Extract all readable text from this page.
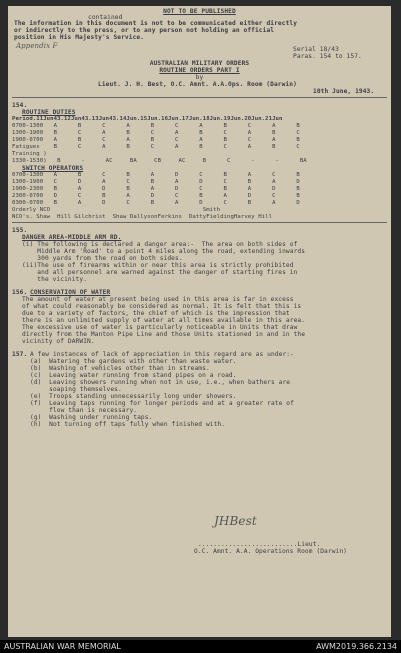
NOT TO BE PUBLISHED
contained
The information in this document is not to be communicated either directly
or indirectly to the press, or to any person not holding an official
position in His Majesty's Service.
Appendix F	Serial 18/43
Paras. 154 to 157.
AUSTRALIAN MILITARY ORDERS
ROUTINE ORDERS PART I
by
Lieut. J. H. Best, O.C. Amnt. A.A.Ops. Room (Darwin)
10th June, 1943.
154.
ROUTINE DUTIES
Period.11Jun43.12Jun43.13Jun43.14Jun.15Jun.16Jun.17Jun.18Jun.19Jun.20Jun.21Jun
0700-1300   A      B      C      A      B      C      A      B      C      A      B
1300-1900   B      C      A      B      C      A      B      C      A      B      C
1900-0700   A      B      C      A      B      C      A      B      C      A      B
Fatigues    B      C      A      B      C      A      B      C      A      B      C
Training )
1330-1530)   B      -      AC     BA     CB     AC     B      C      -      -      BA
SWITCH OPERATORS
0700-1300   A      B      C      B      A      D      C      B      A      C      B
1300-1900   C      D      A      C      B      A      D      C      B      A      D
1900-2300   B      A      D      B      A      D      C      B      A      D      B
2300-0700   D      C      B      A      D      C      B      A      D      C      B
0300-0700   B      A      D      C      B      A      D      C      B      A      D
Orderly NCO                                            Smith
NCO's. Shaw  Hill Gilchrist  Shaw DallysonFerkins  DattyFieldingHarvey Hill
155.
DANGER AREA-MIDDLE ARM RD.
(i) The following is declared a danger area:-  The area on both sides of
Middle Arm 'Road' to a point 4 miles along the road, extending inwards
300 yards from the road on both sides.
(ii)The use of firearms within or near this area is strictly prohibited
and all personnel are warned against the danger of starting fires in
the vicinity.
156. CONSERVATION OF WATER
The amount of water at present being used in this area is far in excess
of what could reasonably be considered as normal. It is felt that this is
due to a variety of factors, the chief of which is the impression that
there is an unlimited supply of water at all times available in this area.
The excessive use of water is particularly noticeable in Units that draw
directly from the Manton Pipe Line and those Units stationed in and in the
vicinity of DARWIN.
157. A few instances of lack of appreciation in this regard are as under:-
(a)  Watering the gardens with other than waste water.
(b)  Washing of vehicles other than in streams.
(c)  Leaving water running from stand pipes on a road.
(d)  Leaving showers running when not in use, i.e., when bathers are
soaping themselves.
(e)  Troops standing unnecessarily long under showers.
(f)  Leaving taps running for longer periods and at a greater rate of
flow than is necessary.
(g)  Washing under running taps.
(h)  Not turning off taps fully when finished with.
JHBest
..........................Lieut.
O.C. Amnt. A.A. Operations Room (Darwin)
AUSTRALIAN WAR MEMORIAL	AWM2019.366.2134
